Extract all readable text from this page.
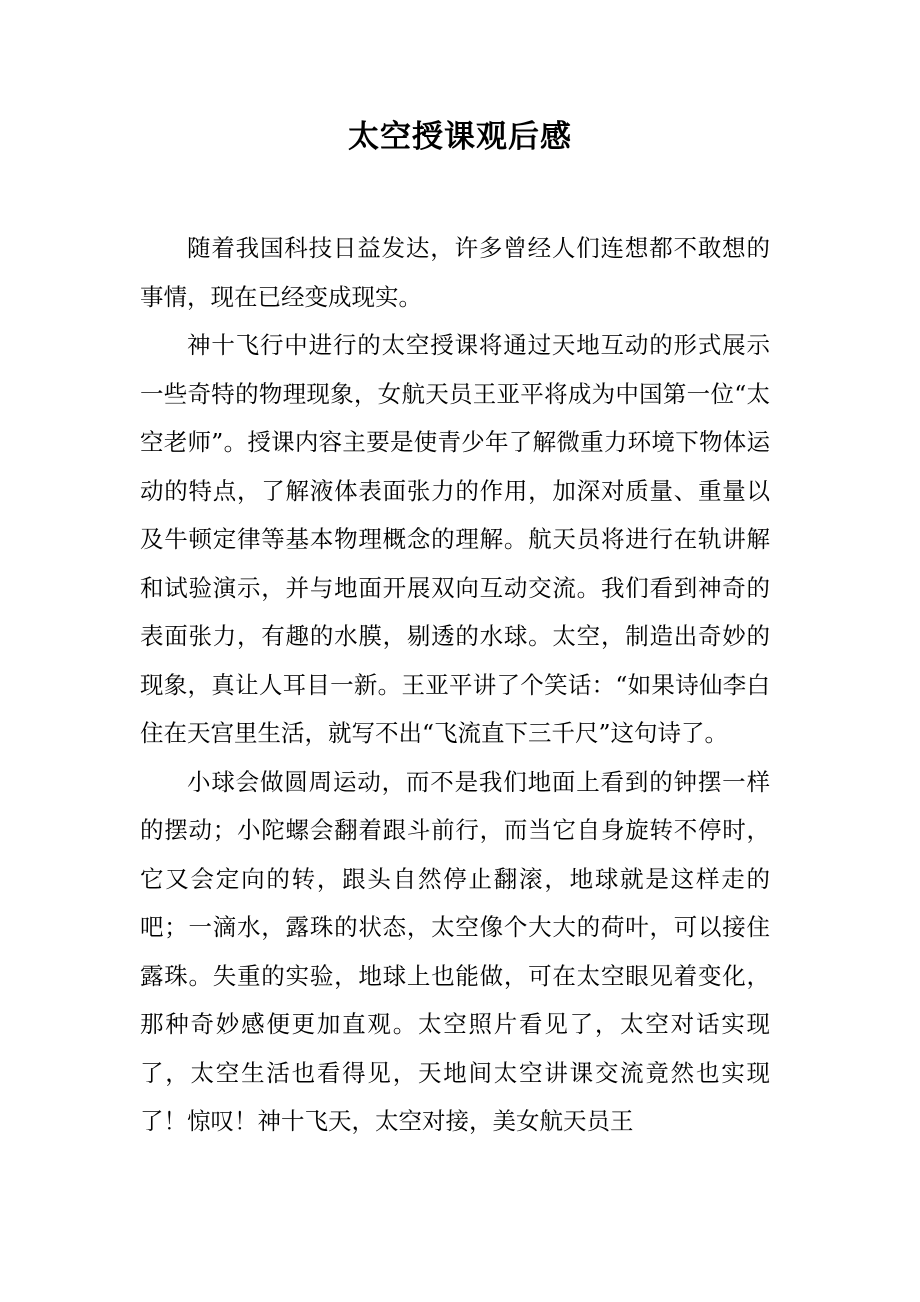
太空授课观后感

随着我国科技日益发达，许多曾经人们连想都不敢想的事情，现在已经变成现实。

神十飞行中进行的太空授课将通过天地互动的形式展示一些奇特的物理现象，女航天员王亚平将成为中国第一位“太空老师”。授课内容主要是使青少年了解微重力环境下物体运动的特点，了解液体表面张力的作用，加深对质量、重量以及牛顿定律等基本物理概念的理解。航天员将进行在轨讲解和试验演示，并与地面开展双向互动交流。我们看到神奇的表面张力，有趣的水膜，剔透的水球。太空，制造出奇妙的现象，真让人耳目一新。王亚平讲了个笑话：“如果诗仙李白住在天宫里生活，就写不出“飞流直下三千尺”这句诗了。

小球会做圆周运动，而不是我们地面上看到的钟摆一样的摆动；小陀螺会翻着跟斗前行，而当它自身旋转不停时，它又会定向的转，跟头自然停止翻滚，地球就是这样走的吧；一滴水，露珠的状态，太空像个大大的荷叶，可以接住露珠。失重的实验，地球上也能做，可在太空眼见着变化，那种奇妙感便更加直观。太空照片看见了，太空对话实现了，太空生活也看得见，天地间太空讲课交流竟然也实现了！惊叹！神十飞天，太空对接，美女航天员王
